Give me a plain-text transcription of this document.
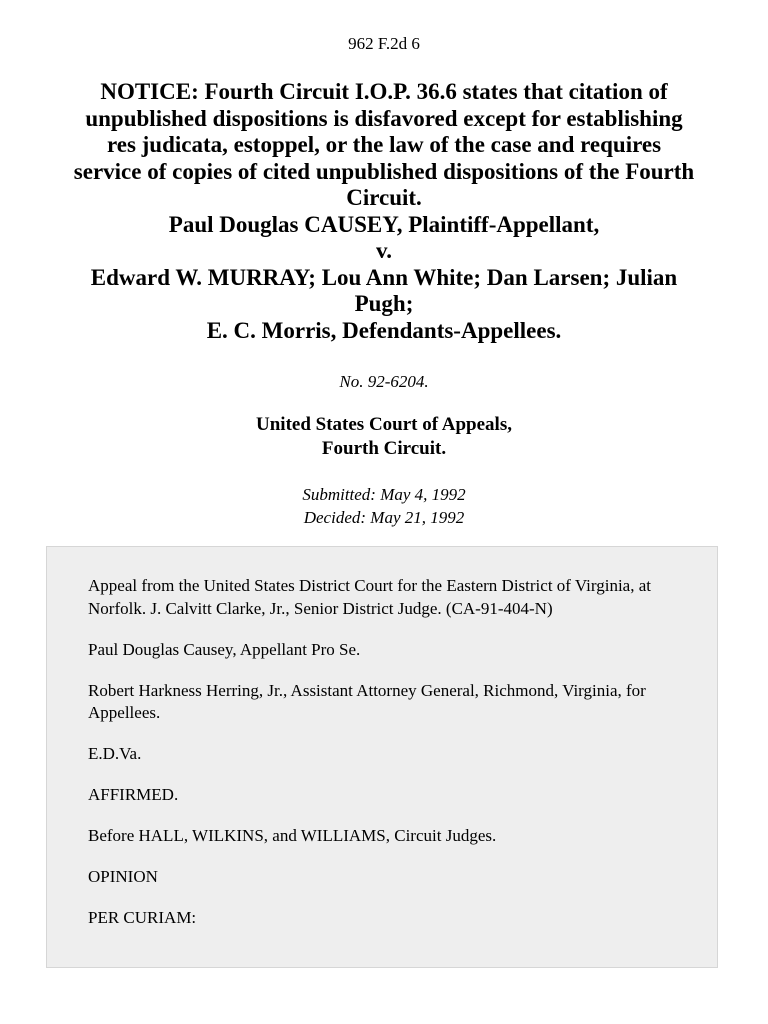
962 F.2d 6
NOTICE: Fourth Circuit I.O.P. 36.6 states that citation of
unpublished dispositions is disfavored except for establishing
res judicata, estoppel, or the law of the case and requires
service of copies of cited unpublished dispositions of the Fourth
Circuit.
Paul Douglas CAUSEY, Plaintiff-Appellant,
v.
Edward W. MURRAY; Lou Ann White; Dan Larsen; Julian
Pugh;
E. C. Morris, Defendants-Appellees.
No. 92-6204.
United States Court of Appeals,
Fourth Circuit.
Submitted: May 4, 1992
Decided: May 21, 1992

Appeal from the United States District Court for the Eastern District of Virginia, at Norfolk. J. Calvitt Clarke, Jr., Senior District Judge. (CA-91-404-N)

Paul Douglas Causey, Appellant Pro Se.

Robert Harkness Herring, Jr., Assistant Attorney General, Richmond, Virginia, for Appellees.

E.D.Va.

AFFIRMED.

Before HALL, WILKINS, and WILLIAMS, Circuit Judges.

OPINION

PER CURIAM:
